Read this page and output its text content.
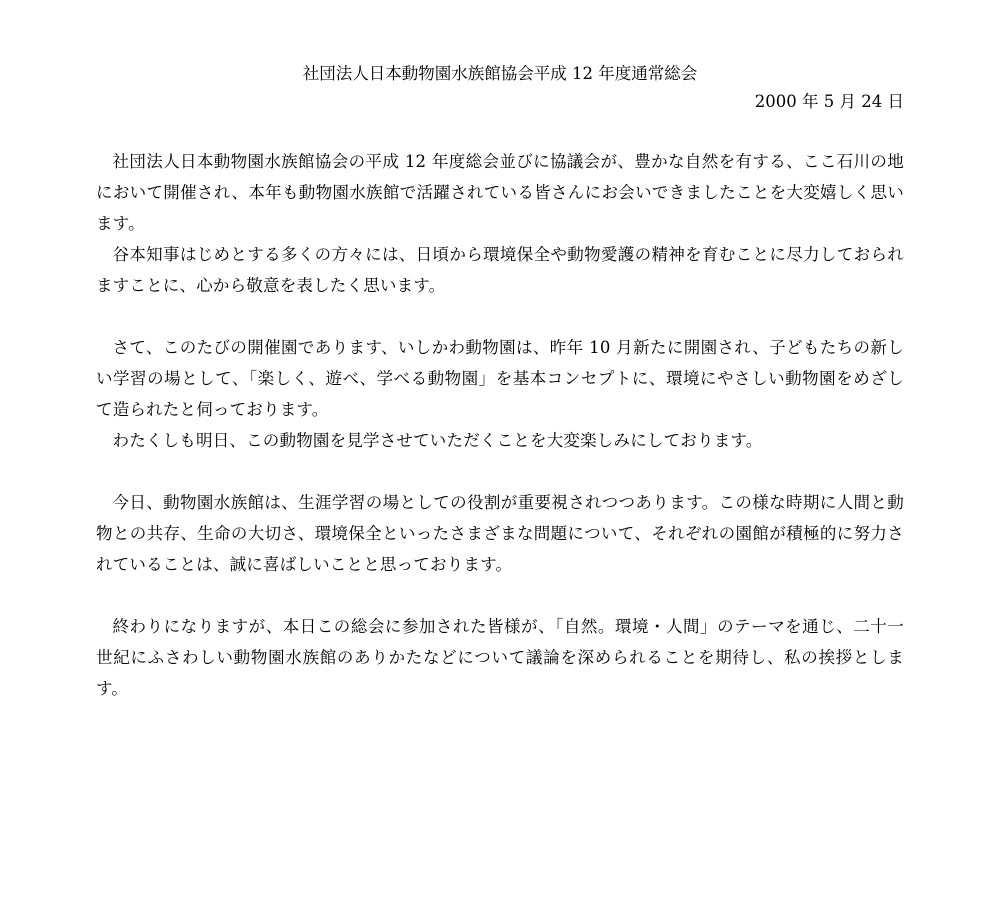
社団法人日本動物園水族館協会平成 12 年度通常総会
2000 年 5 月 24 日

社団法人日本動物園水族館協会の平成 12 年度総会並びに協議会が、豊かな自然を有する、ここ石川の地において開催され、本年も動物園水族館で活躍されている皆さんにお会いできましたことを大変嬉しく思います。

谷本知事はじめとする多くの方々には、日頃から環境保全や動物愛護の精神を育むことに尽力しておられますことに、心から敬意を表したく思います。

さて、このたびの開催園であります、いしかわ動物園は、昨年 10 月新たに開園され、子どもたちの新しい学習の場として、「楽しく、遊べ、学べる動物園」を基本コンセプトに、環境にやさしい動物園をめざして造られたと伺っております。

わたくしも明日、この動物園を見学させていただくことを大変楽しみにしております。

今日、動物園水族館は、生涯学習の場としての役割が重要視されつつあります。この様な時期に人間と動物との共存、生命の大切さ、環境保全といったさまざまな問題について、それぞれの園館が積極的に努力されていることは、誠に喜ばしいことと思っております。

終わりになりますが、本日この総会に参加された皆様が、「自然。環境・人間」のテーマを通じ、二十一世紀にふさわしい動物園水族館のありかたなどについて議論を深められることを期待し、私の挨拶とします。
